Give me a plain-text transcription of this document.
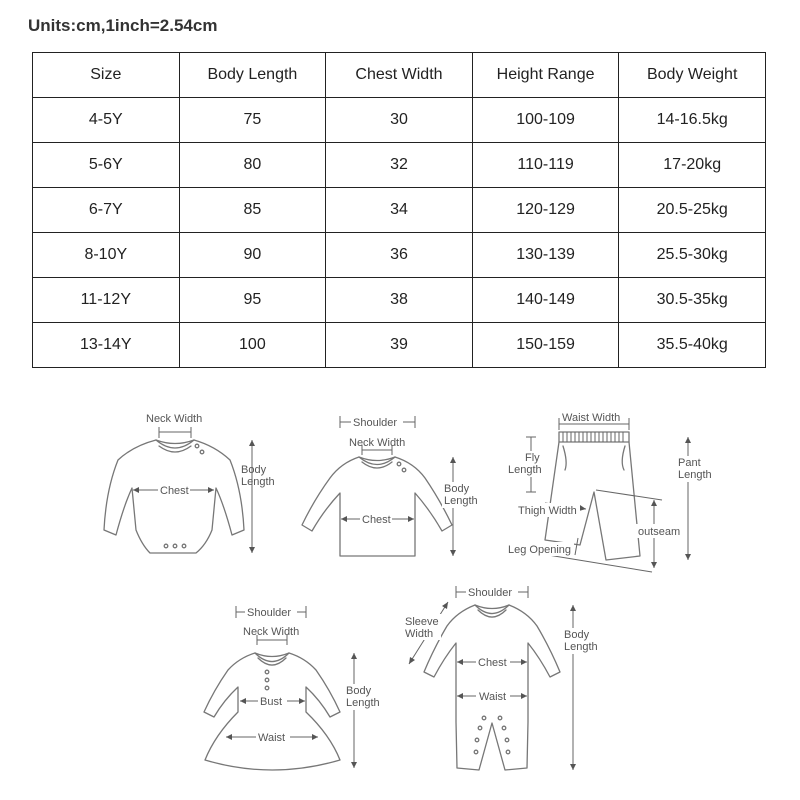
Units:cm,1inch=2.54cm
Size	Body Length	Chest Width	Height Range	Body Weight
4-5Y	75	30	100-109	14-16.5kg
5-6Y	80	32	110-119	17-20kg
6-7Y	85	34	120-129	20.5-25kg
8-10Y	90	36	130-139	25.5-30kg
11-12Y	95	38	140-149	30.5-35kg
13-14Y	100	39	150-159	35.5-40kg
Neck Width
Chest
Body
Length
Shoulder
Neck Width
Chest
Body
Length
Waist Width
Fly
Length
Pant
Length
Thigh Width
outseam
Leg Opening
Shoulder
Neck Width
Bust
Waist
Body
Length
Shoulder
Sleeve
Width
Chest
Waist
Body
Length
